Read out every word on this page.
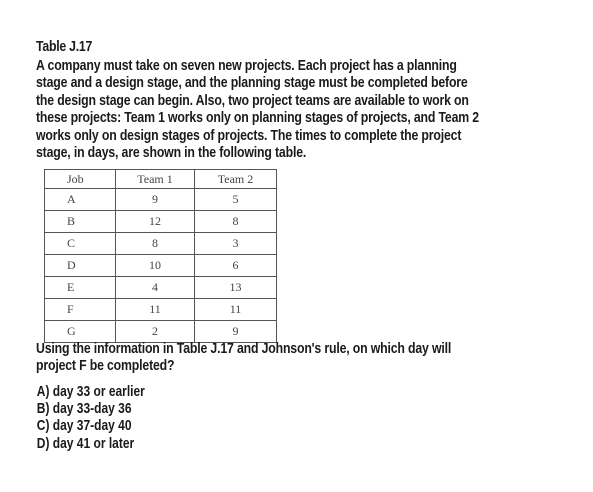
Table J.17
A company must take on seven new projects. Each project has a planning
stage and a design stage, and the planning stage must be completed before
the design stage can begin. Also, two project teams are available to work on
these projects: Team 1 works only on planning stages of projects, and Team 2
works only on design stages of projects. The times to complete the project
stage, in days, are shown in the following table.
Job	Team 1	Team 2
A	9	5
B	12	8
C	8	3
D	10	6
E	4	13
F	11	11
G	2	9
Using the information in Table J.17 and Johnson's rule, on which day will
project F be completed?
A) day 33 or earlier
B) day 33-day 36
C) day 37-day 40
D) day 41 or later
